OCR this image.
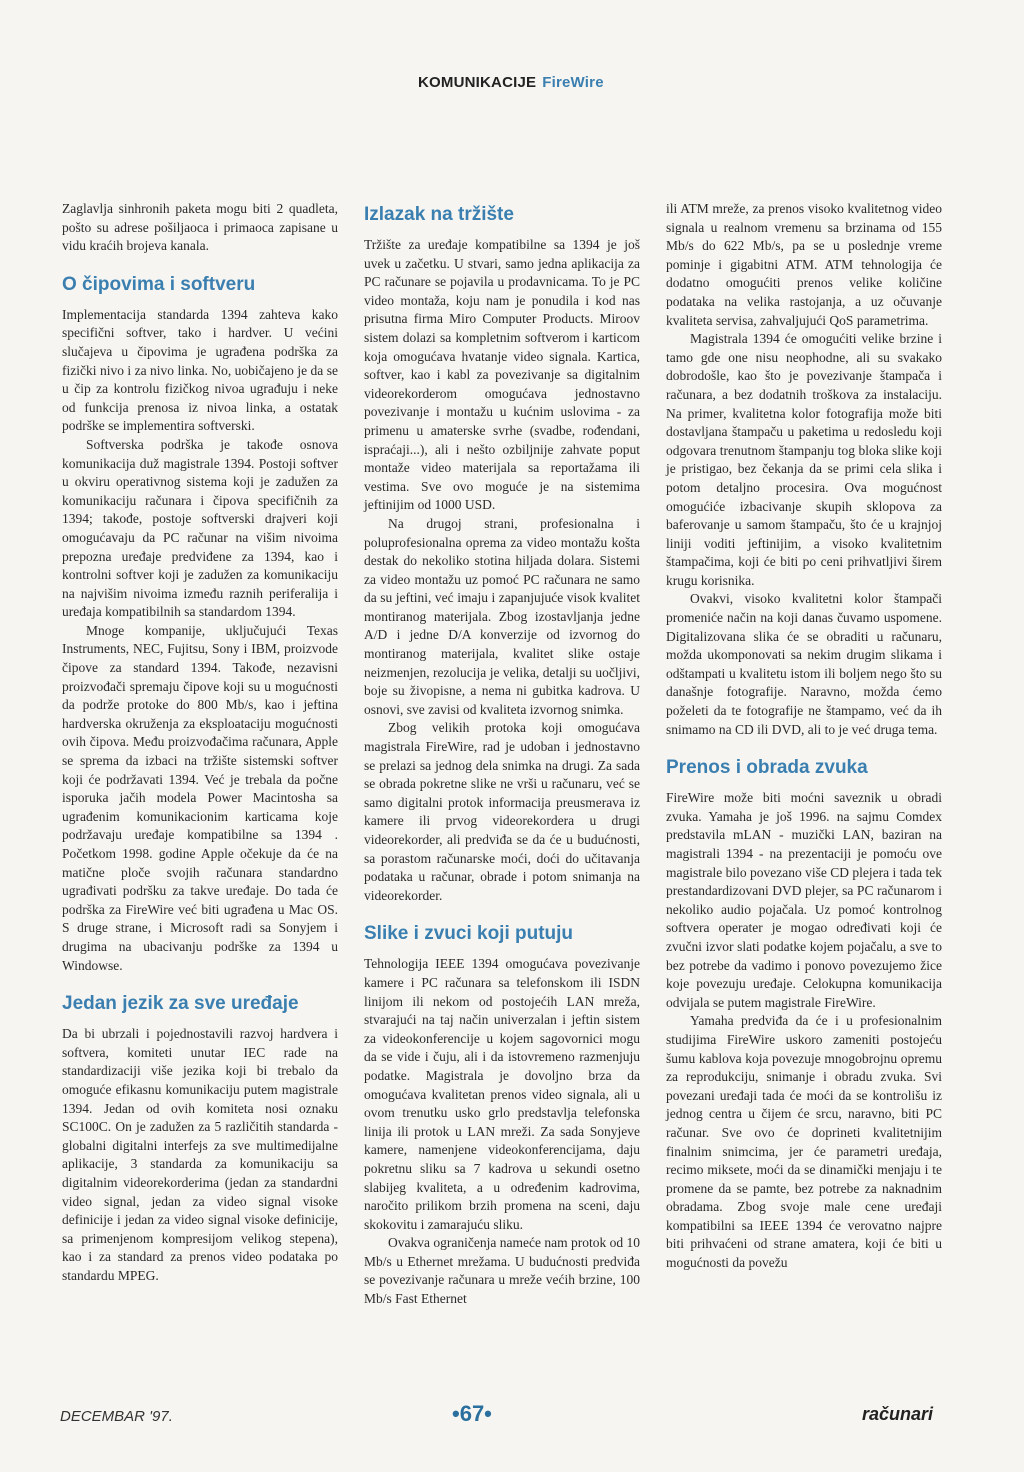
KOMUNIKACIJE FireWire

Zaglavlja sinhronih paketa mogu biti 2 quadleta, pošto su adrese pošiljaoca i primaoca zapisane u vidu kraćih brojeva kanala.

O čipovima i softveru

Implementacija standarda 1394 zahteva kako specifični softver, tako i hardver. U većini slučajeva u čipovima je ugrađena podrška za fizički nivo i za nivo linka. No, uobičajeno je da se u čip za kontrolu fizičkog nivoa ugrađuju i neke od funkcija prenosa iz nivoa linka, a ostatak podrške se implementira softverski.

Softverska podrška je takođe osnova komunikacija duž magistrale 1394. Postoji softver u okviru operativnog sistema koji je zadužen za komunikaciju računara i čipova specifičnih za 1394; takođe, postoje softverski drajveri koji omogućavaju da PC računar na višim nivoima prepozna uređaje predviđene za 1394, kao i kontrolni softver koji je zadužen za komunikaciju na najvišim nivoima između raznih periferalija i uređaja kompatibilnih sa standardom 1394.

Mnoge kompanije, uključujući Texas Instruments, NEC, Fujitsu, Sony i IBM, proizvode čipove za standard 1394. Takođe, nezavisni proizvođači spremaju čipove koji su u mogućnosti da podrže protoke do 800 Mb/s, kao i jeftina hardverska okruženja za eksploataciju mogućnosti ovih čipova. Među proizvođačima računara, Apple se sprema da izbaci na tržište sistemski softver koji će podržavati 1394. Već je trebala da počne isporuka jačih modela Power Macintosha sa ugrađenim komunikacionim karticama koje podržavaju uređaje kompatibilne sa 1394 . Početkom 1998. godine Apple očekuje da će na matične ploče svojih računara standardno ugrađivati podršku za takve uređaje. Do tada će podrška za FireWire već biti ugrađena u Mac OS. S druge strane, i Microsoft radi sa Sonyjem i drugima na ubacivanju podrške za 1394 u Windowse.

Jedan jezik za sve uređaje

Da bi ubrzali i pojednostavili razvoj hardvera i softvera, komiteti unutar IEC rade na standardizaciji više jezika koji bi trebalo da omoguće efikasnu komunikaciju putem magistrale 1394. Jedan od ovih komiteta nosi oznaku SC100C. On je zadužen za 5 različitih standarda - globalni digitalni interfejs za sve multimedijalne aplikacije, 3 standarda za komunikaciju sa digitalnim videorekorderima (jedan za standardni video signal, jedan za video signal visoke definicije i jedan za video signal visoke definicije, sa primenjenom kompresijom velikog stepena), kao i za standard za prenos video podataka po standardu MPEG.

Izlazak na tržište

Tržište za uređaje kompatibilne sa 1394 je još uvek u začetku. U stvari, samo jedna aplikacija za PC računare se pojavila u prodavnicama. To je PC video montaža, koju nam je ponudila i kod nas prisutna firma Miro Computer Products. Miroov sistem dolazi sa kompletnim softverom i karticom koja omogućava hvatanje video signala. Kartica, softver, kao i kabl za povezivanje sa digitalnim videorekorderom omogućava jednostavno povezivanje i montažu u kućnim uslovima - za primenu u amaterske svrhe (svadbe, rođendani, ispraćaji...), ali i nešto ozbiljnije zahvate poput montaže video materijala sa reportažama ili vestima. Sve ovo moguće je na sistemima jeftinijim od 1000 USD.

Na drugoj strani, profesionalna i poluprofesionalna oprema za video montažu košta destak do nekoliko stotina hiljada dolara. Sistemi za video montažu uz pomoć PC računara ne samo da su jeftini, već imaju i zapanjujuće visok kvalitet montiranog materijala. Zbog izostavljanja jedne A/D i jedne D/A konverzije od izvornog do montiranog materijala, kvalitet slike ostaje neizmenjen, rezolucija je velika, detalji su uočljivi, boje su živopisne, a nema ni gubitka kadrova. U osnovi, sve zavisi od kvaliteta izvornog snimka.

Zbog velikih protoka koji omogućava magistrala FireWire, rad je udoban i jednostavno se prelazi sa jednog dela snimka na drugi. Za sada se obrada pokretne slike ne vrši u računaru, već se samo digitalni protok informacija preusmerava iz kamere ili prvog videorekordera u drugi videorekorder, ali predviđa se da će u budućnosti, sa porastom računarske moći, doći do učitavanja podataka u računar, obrade i potom snimanja na videorekorder.

Slike i zvuci koji putuju

Tehnologija IEEE 1394 omogućava povezivanje kamere i PC računara sa telefonskom ili ISDN linijom ili nekom od postojećih LAN mreža, stvarajući na taj način univerzalan i jeftin sistem za videokonferencije u kojem sagovornici mogu da se vide i čuju, ali i da istovremeno razmenjuju podatke. Magistrala je dovoljno brza da omogućava kvalitetan prenos video signala, ali u ovom trenutku usko grlo predstavlja telefonska linija ili protok u LAN mreži. Za sada Sonyjeve kamere, namenjene videokonferencijama, daju pokretnu sliku sa 7 kadrova u sekundi osetno slabijeg kvaliteta, a u određenim kadrovima, naročito prilikom brzih promena na sceni, daju skokovitu i zamarajuću sliku.

Ovakva ograničenja nameće nam protok od 10 Mb/s u Ethernet mrežama. U budućnosti predviđa se povezivanje računara u mreže većih brzine, 100 Mb/s Fast Ethernet

ili ATM mreže, za prenos visoko kvalitetnog video signala u realnom vremenu sa brzinama od 155 Mb/s do 622 Mb/s, pa se u poslednje vreme pominje i gigabitni ATM. ATM tehnologija će dodatno omogućiti prenos velike količine podataka na velika rastojanja, a uz očuvanje kvaliteta servisa, zahvaljujući QoS parametrima.

Magistrala 1394 će omogućiti velike brzine i tamo gde one nisu neophodne, ali su svakako dobrodošle, kao što je povezivanje štampača i računara, a bez dodatnih troškova za instalaciju. Na primer, kvalitetna kolor fotografija može biti dostavljana štampaču u paketima u redosledu koji odgovara trenutnom štampanju tog bloka slike koji je pristigao, bez čekanja da se primi cela slika i potom detaljno procesira. Ova mogućnost omogućiće izbacivanje skupih sklopova za baferovanje u samom štampaču, što će u krajnjoj liniji voditi jeftinijim, a visoko kvalitetnim štampačima, koji će biti po ceni prihvatljivi širem krugu korisnika.

Ovakvi, visoko kvalitetni kolor štampači promeniće način na koji danas čuvamo uspomene. Digitalizovana slika će se obraditi u računaru, možda ukomponovati sa nekim drugim slikama i odštampati u kvalitetu istom ili boljem nego što su današnje fotografije. Naravno, možda ćemo poželeti da te fotografije ne štampamo, već da ih snimamo na CD ili DVD, ali to je već druga tema.

Prenos i obrada zvuka

FireWire može biti moćni saveznik u obradi zvuka. Yamaha je još 1996. na sajmu Comdex predstavila mLAN - muzički LAN, baziran na magistrali 1394 - na prezentaciji je pomoću ove magistrale bilo povezano više CD plejera i tada tek prestandardizovani DVD plejer, sa PC računarom i nekoliko audio pojačala. Uz pomoć kontrolnog softvera operater je mogao određivati koji će zvučni izvor slati podatke kojem pojačalu, a sve to bez potrebe da vadimo i ponovo povezujemo žice koje povezuju uređaje. Celokupna komunikacija odvijala se putem magistrale FireWire.

Yamaha predviđa da će i u profesionalnim studijima FireWire uskoro zameniti postojeću šumu kablova koja povezuje mnogobrojnu opremu za reprodukciju, snimanje i obradu zvuka. Svi povezani uređaji tada će moći da se kontrolišu iz jednog centra u čijem će srcu, naravno, biti PC računar. Sve ovo će doprineti kvalitetnijim finalnim snimcima, jer će parametri uređaja, recimo miksete, moći da se dinamički menjaju i te promene da se pamte, bez potrebe za naknadnim obradama. Zbog svoje male cene uređaji kompatibilni sa IEEE 1394 će verovatno najpre biti prihvaćeni od strane amatera, koji će biti u mogućnosti da povežu

DECEMBAR '97.	•67•	računari
